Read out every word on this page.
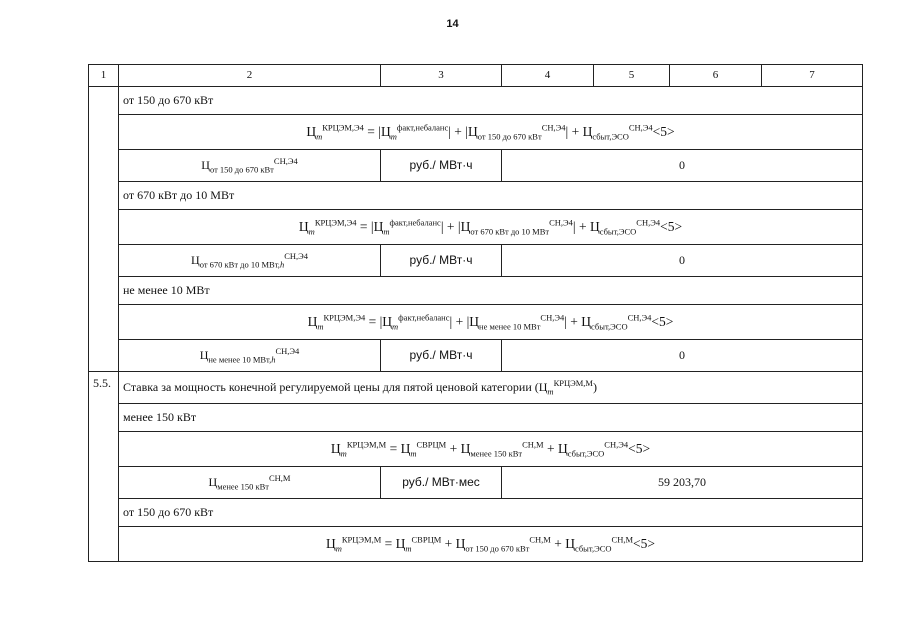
14
1	2	3	4	5	6	7
	от 150 до 670 кВт					
	$Ц_m^{КРЦЭМ,Э4} = |Ц_m^{факт,небаланс}| + |Ц_{от 150 до 670 кВт}^{СН,Э4}| + Ц_{сбыт,ЭСО}^{СН,Э4}<5>$					
	$Ц_{от 150 до 670 кВт}^{СН,Э4}$	руб./ МВт·ч	0			
	от 670 кВт до 10 МВт					
	$Ц_m^{КРЦЭМ,Э4} = |Ц_m^{факт,небаланс}| + |Ц_{от 670 кВт до 10 МВт}^{СН,Э4}| + Ц_{сбыт,ЭСО}^{СН,Э4}<5>$					
	$Ц_{от 670 кВт до 10 МВт,h}^{СН,Э4}$	руб./ МВт·ч	0			
	не менее 10 МВт					
	$Ц_m^{КРЦЭМ,Э4} = |Ц_m^{факт,небаланс}| + |Ц_{не менее 10 МВт}^{СН,Э4}| + Ц_{сбыт,ЭСО}^{СН,Э4}<5>$					
	$Ц_{не менее 10 МВт,h}^{СН,Э4}$	руб./ МВт·ч	0			
5.5.	Ставка за мощность конечной регулируемой цены для пятой ценовой категории $(Ц_m^{КРЦЭМ,М})$					
	менее 150 кВт					
	$Ц_m^{КРЦЭМ,М} = Ц_m^{СВРЦМ} + Ц_{менее 150 кВт}^{СН,М} + Ц_{сбыт,ЭСО}^{СН,Э4}<5>$					
	$Ц_{менее 150 кВт}^{СН,М}$	руб./ МВт·мес	59 203,70			
	от 150 до 670 кВт					
	$Ц_m^{КРЦЭМ,М} = Ц_m^{СВРЦМ} + Ц_{от 150 до 670 кВт}^{СН,М} + Ц_{сбыт,ЭСО}^{СН,М}<5>$					
